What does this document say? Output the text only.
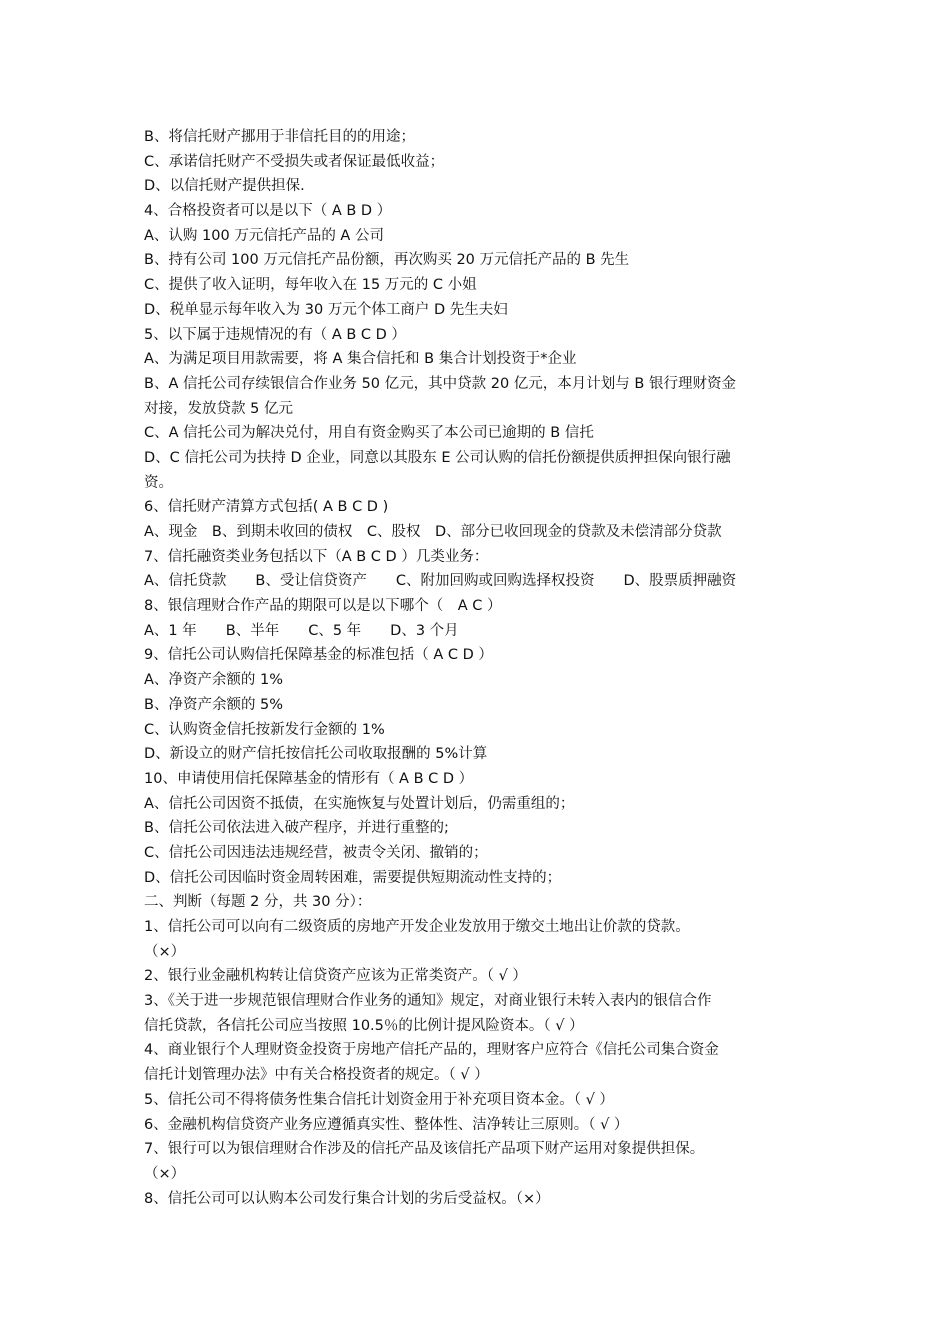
B、将信托财产挪用于非信托目的的用途；
C、承诺信托财产不受损失或者保证最低收益；
D、以信托财产提供担保.
4、合格投资者可以是以下（ A B D ）
A、认购 100 万元信托产品的 A 公司
B、持有公司 100 万元信托产品份额，再次购买 20 万元信托产品的 B 先生
C、提供了收入证明，每年收入在 15 万元的 C 小姐
D、税单显示每年收入为 30 万元个体工商户 D 先生夫妇
5、以下属于违规情况的有（ A B C D ）
A、为满足项目用款需要，将 A 集合信托和 B 集合计划投资于*企业
B、A 信托公司存续银信合作业务 50 亿元，其中贷款 20 亿元，本月计划与 B 银行理财资金
对接，发放贷款 5 亿元
C、A 信托公司为解决兑付，用自有资金购买了本公司已逾期的 B 信托
D、C 信托公司为扶持 D 企业，同意以其股东 E 公司认购的信托份额提供质押担保向银行融
资。
6、信托财产清算方式包括( A B C D )
A、现金　B、到期未收回的债权　C、股权　D、部分已收回现金的贷款及未偿清部分贷款
7、信托融资类业务包括以下（A B C D ）几类业务：
A、信托贷款　　B、受让信贷资产　　C、附加回购或回购选择权投资　　D、股票质押融资
8、银信理财合作产品的期限可以是以下哪个（　A C ）
A、1 年　　B、半年　　C、5 年　　D、3 个月
9、信托公司认购信托保障基金的标准包括（ A C D ）
A、净资产余额的 1%
B、净资产余额的 5%
C、认购资金信托按新发行金额的 1%
D、新设立的财产信托按信托公司收取报酬的 5%计算
10、申请使用信托保障基金的情形有（ A B C D ）
A、信托公司因资不抵债，在实施恢复与处置计划后，仍需重组的；
B、信托公司依法进入破产程序，并进行重整的;
C、信托公司因违法违规经营，被责令关闭、撤销的；
D、信托公司因临时资金周转困难，需要提供短期流动性支持的；
二、判断（每题 2 分，共 30 分）：
1、信托公司可以向有二级资质的房地产开发企业发放用于缴交土地出让价款的贷款。
（×）
2、银行业金融机构转让信贷资产应该为正常类资产。（ √ ）
3、《关于进一步规范银信理财合作业务的通知》规定，对商业银行未转入表内的银信合作
信托贷款，各信托公司应当按照 10.5％的比例计提风险资本。（ √ ）
4、商业银行个人理财资金投资于房地产信托产品的，理财客户应符合《信托公司集合资金
信托计划管理办法》中有关合格投资者的规定。（ √ ）
5、信托公司不得将债务性集合信托计划资金用于补充项目资本金。（ √ ）
6、金融机构信贷资产业务应遵循真实性、整体性、洁净转让三原则。（ √ ）
7、银行可以为银信理财合作涉及的信托产品及该信托产品项下财产运用对象提供担保。
（×）
8、信托公司可以认购本公司发行集合计划的劣后受益权。（×）
